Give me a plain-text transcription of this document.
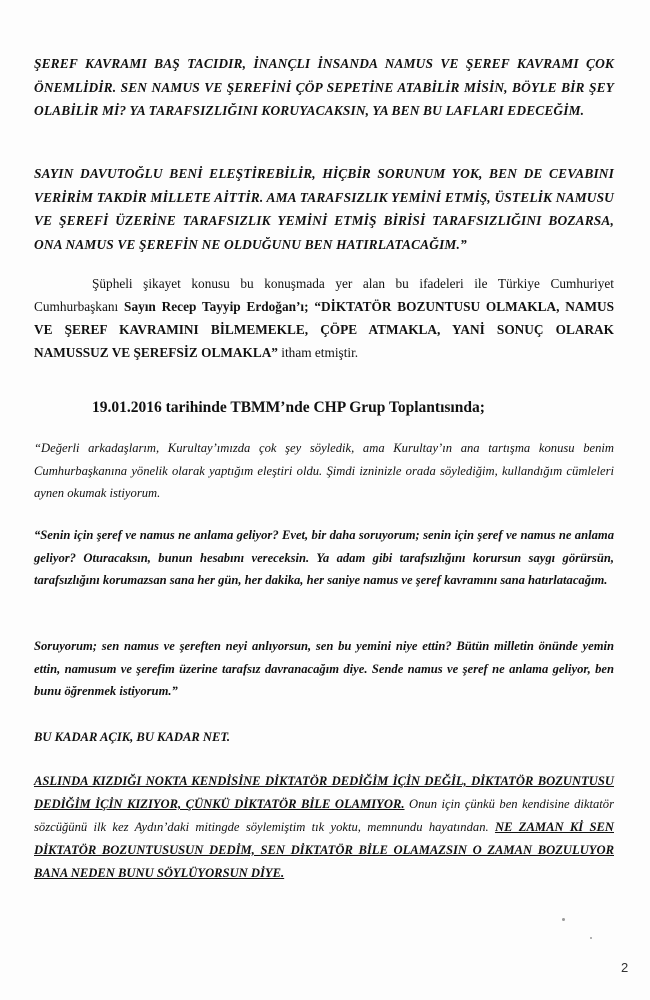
ŞEREF KAVRAMI BAŞ TACIDIR, İNANÇLI İNSANDA NAMUS VE ŞEREF KAVRAMI ÇOK ÖNEMLİDİR. SEN NAMUS VE ŞEREFİNİ ÇÖP SEPETİNE ATABİLİR MİSİN, BÖYLE BİR ŞEY OLABİLİR Mİ? YA TARAFSIZLIĞINI KORUYACAKSIN, YA BEN BU LAFLARI EDECEĞİM.

SAYIN DAVUTOĞLU BENİ ELEŞTİREBİLİR, HİÇBİR SORUNUM YOK, BEN DE CEVABINI VERİRİM TAKDİR MİLLETE AİTTİR. AMA TARAFSIZLIK YEMİNİ ETMİŞ, ÜSTELİK NAMUSU VE ŞEREFİ ÜZERİNE TARAFSIZLIK YEMİNİ ETMİŞ BİRİSİ TARAFSIZLIĞINI BOZARSA, ONA NAMUS VE ŞEREFİN NE OLDUĞUNU BEN HATIRLATACAĞIM.”

Şüpheli şikayet konusu bu konuşmada yer alan bu ifadeleri ile Türkiye Cumhuriyet Cumhurbaşkanı Sayın Recep Tayyip Erdoğan’ı; “DİKTATÖR BOZUNTUSU OLMAKLA, NAMUS VE ŞEREF KAVRAMINI BİLMEMEKLE, ÇÖPE ATMAKLA, YANİ SONUÇ OLARAK NAMUSSUZ VE ŞEREFSİZ OLMAKLA” itham etmiştir.

19.01.2016 tarihinde TBMM’nde CHP Grup Toplantısında;

“Değerli arkadaşlarım, Kurultay’ımızda çok şey söyledik, ama Kurultay’ın ana tartışma konusu benim Cumhurbaşkanına yönelik olarak yaptığım eleştiri oldu. Şimdi izninizle orada söylediğim, kullandığım cümleleri aynen okumak istiyorum.

“Senin için şeref ve namus ne anlama geliyor? Evet, bir daha soruyorum; senin için şeref ve namus ne anlama geliyor? Oturacaksın, bunun hesabını vereceksin. Ya adam gibi tarafsızlığını korursun saygı görürsün, tarafsızlığını korumazsan sana her gün, her dakika, her saniye namus ve şeref kavramını sana hatırlatacağım.

Soruyorum; sen namus ve şereften neyi anlıyorsun, sen bu yemini niye ettin? Bütün milletin önünde yemin ettin, namusum ve şerefim üzerine tarafsız davranacağım diye. Sende namus ve şeref ne anlama geliyor, ben bunu öğrenmek istiyorum.”

BU KADAR AÇIK, BU KADAR NET.

ASLINDA KIZDIĞI NOKTA KENDİSİNE DİKTATÖR DEDİĞİM İÇİN DEĞİL, DİKTATÖR BOZUNTUSU DEDİĞİM İÇİN KIZIYOR, ÇÜNKÜ DİKTATÖR BİLE OLAMIYOR. Onun için çünkü ben kendisine diktatör sözcüğünü ilk kez Aydın’daki mitingde söylemiştim tık yoktu, memnundu hayatından. NE ZAMAN Kİ SEN DİKTATÖR BOZUNTUSUSUN DEDİM, SEN DİKTATÖR BİLE OLAMAZSIN O ZAMAN BOZULUYOR BANA NEDEN BUNU SÖYLÜYORSUN DİYE.

2
